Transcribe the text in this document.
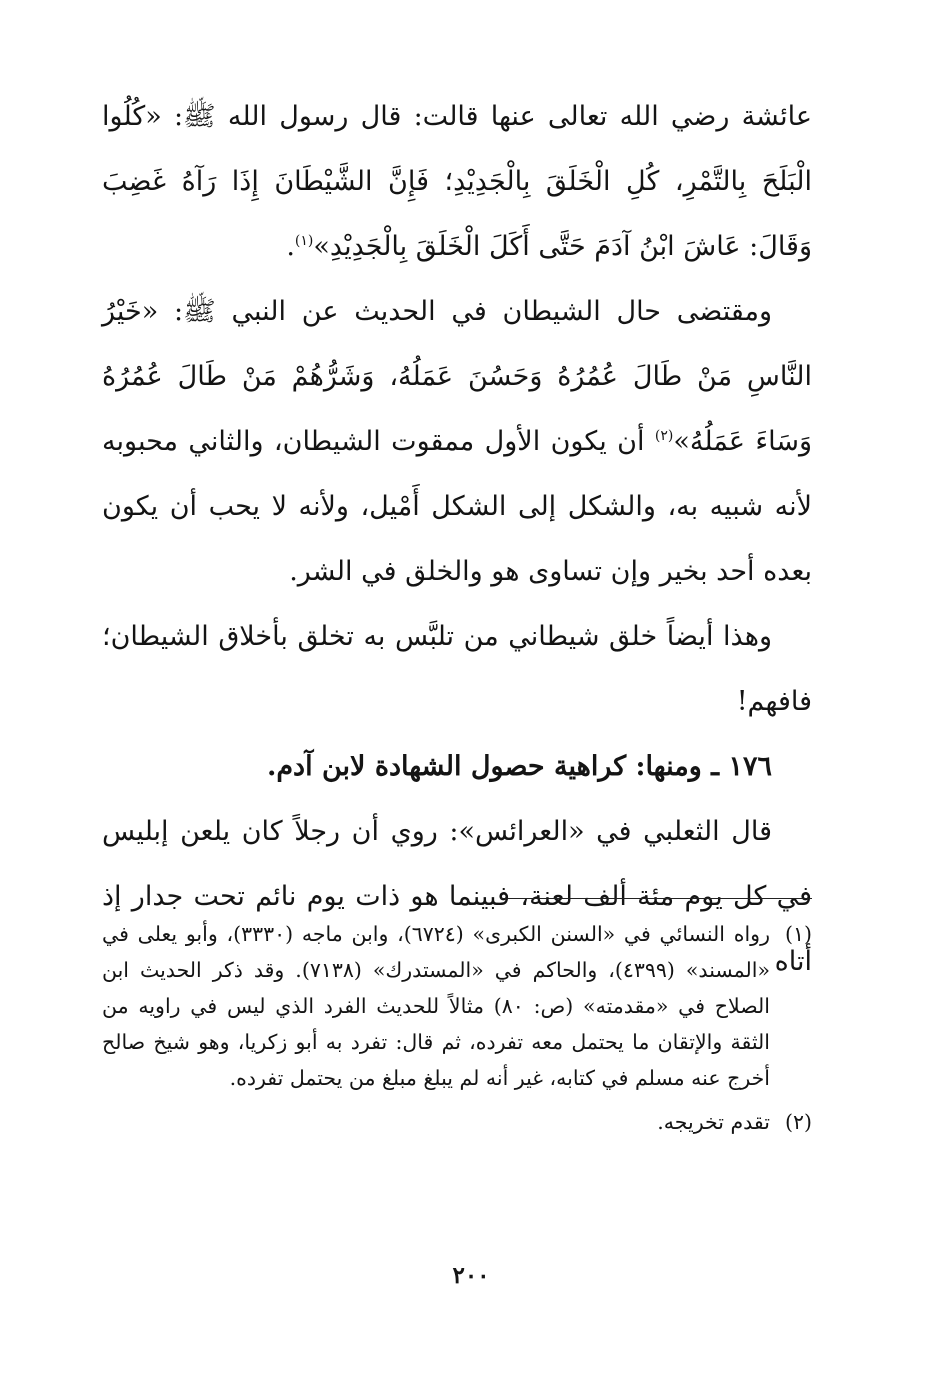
عائشة رضي الله تعالى عنها قالت: قال رسول الله ﷺ: «كُلُوا الْبَلَحَ بِالتَّمْرِ، كُلِ الْخَلَقَ بِالْجَدِيْدِ؛ فَإِنَّ الشَّيْطَانَ إِذَا رَآهُ غَضِبَ وَقَالَ: عَاشَ ابْنُ آدَمَ حَتَّى أَكَلَ الْخَلَقَ بِالْجَدِيْدِ»$^{(١)}$.

ومقتضى حال الشيطان في الحديث عن النبي ﷺ: «خَيْرُ النَّاسِ مَنْ طَالَ عُمُرُهُ وَحَسُنَ عَمَلُهُ، وَشَرُّهُمْ مَنْ طَالَ عُمُرُهُ وَسَاءَ عَمَلُهُ»$^{(٢)}$ أن يكون الأول ممقوت الشيطان، والثاني محبوبه لأنه شبيه به، والشكل إلى الشكل أَمْيل، ولأنه لا يحب أن يكون بعده أحد بخير وإن تساوى هو والخلق في الشر.

وهذا أيضاً خلق شيطاني من تلبَّس به تخلق بأخلاق الشيطان؛ فافهم!

١٧٦ ـ ومنها: كراهية حصول الشهادة لابن آدم.

قال الثعلبي في «العرائس»: روي أن رجلاً كان يلعن إبليس في كل يوم مئة ألف لعنة، فبينما هو ذات يوم نائم تحت جدار إذ أتاه

(١)
رواه النسائي في «السنن الكبرى» (٦٧٢٤)، وابن ماجه (٣٣٣٠)، وأبو يعلى في «المسند» (٤٣٩٩)، والحاكم في «المستدرك» (٧١٣٨). وقد ذكر الحديث ابن الصلاح في «مقدمته» (ص: ٨٠) مثالاً للحديث الفرد الذي ليس في راويه من الثقة والإتقان ما يحتمل معه تفرده، ثم قال: تفرد به أبو زكريا، وهو شيخ صالح أخرج عنه مسلم في كتابه، غير أنه لم يبلغ مبلغ من يحتمل تفرده.
(٢)
تقدم تخريجه.
٢٠٠
